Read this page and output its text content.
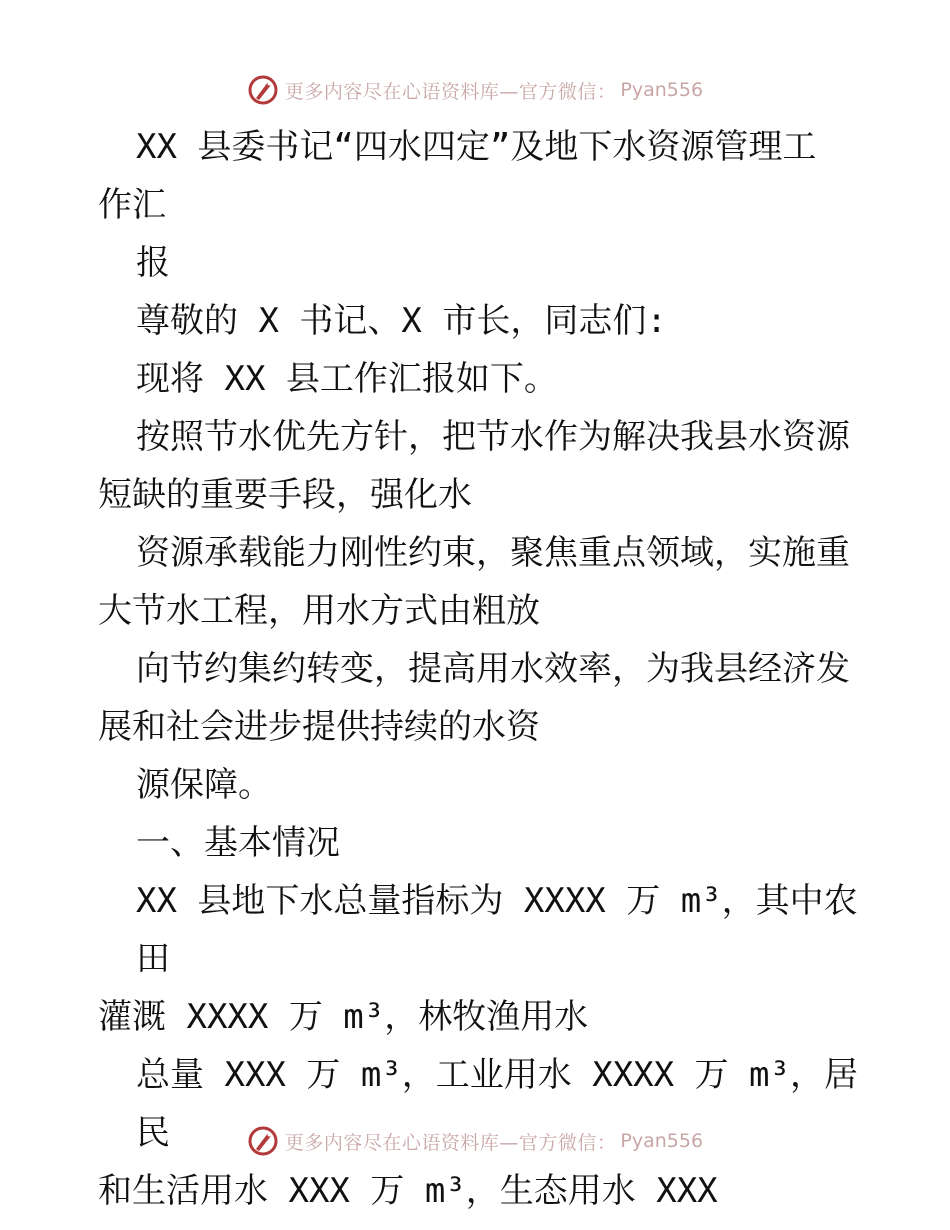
更多内容尽在心语资料库—官方微信： Pyan556

XX 县委书记“四水四定”及地下水资源管理工

作汇

报

尊敬的 X 书记、X 市长，同志们:

现将 XX 县工作汇报如下。

按照节水优先方针，把节水作为解决我县水资源

短缺的重要手段，强化水

资源承载能力刚性约束，聚焦重点领域，实施重

大节水工程，用水方式由粗放

向节约集约转变，提高用水效率，为我县经济发

展和社会进步提供持续的水资

源保障。

一、基本情况

XX 县地下水总量指标为 XXXX 万 m³，其中农田

灌溉 XXXX 万 m³，林牧渔用水

总量 XXX 万 m³，工业用水 XXXX 万 m³，居民

和生活用水 XXX 万 m³，生态用水 XXX

更多内容尽在心语资料库—官方微信： Pyan556
